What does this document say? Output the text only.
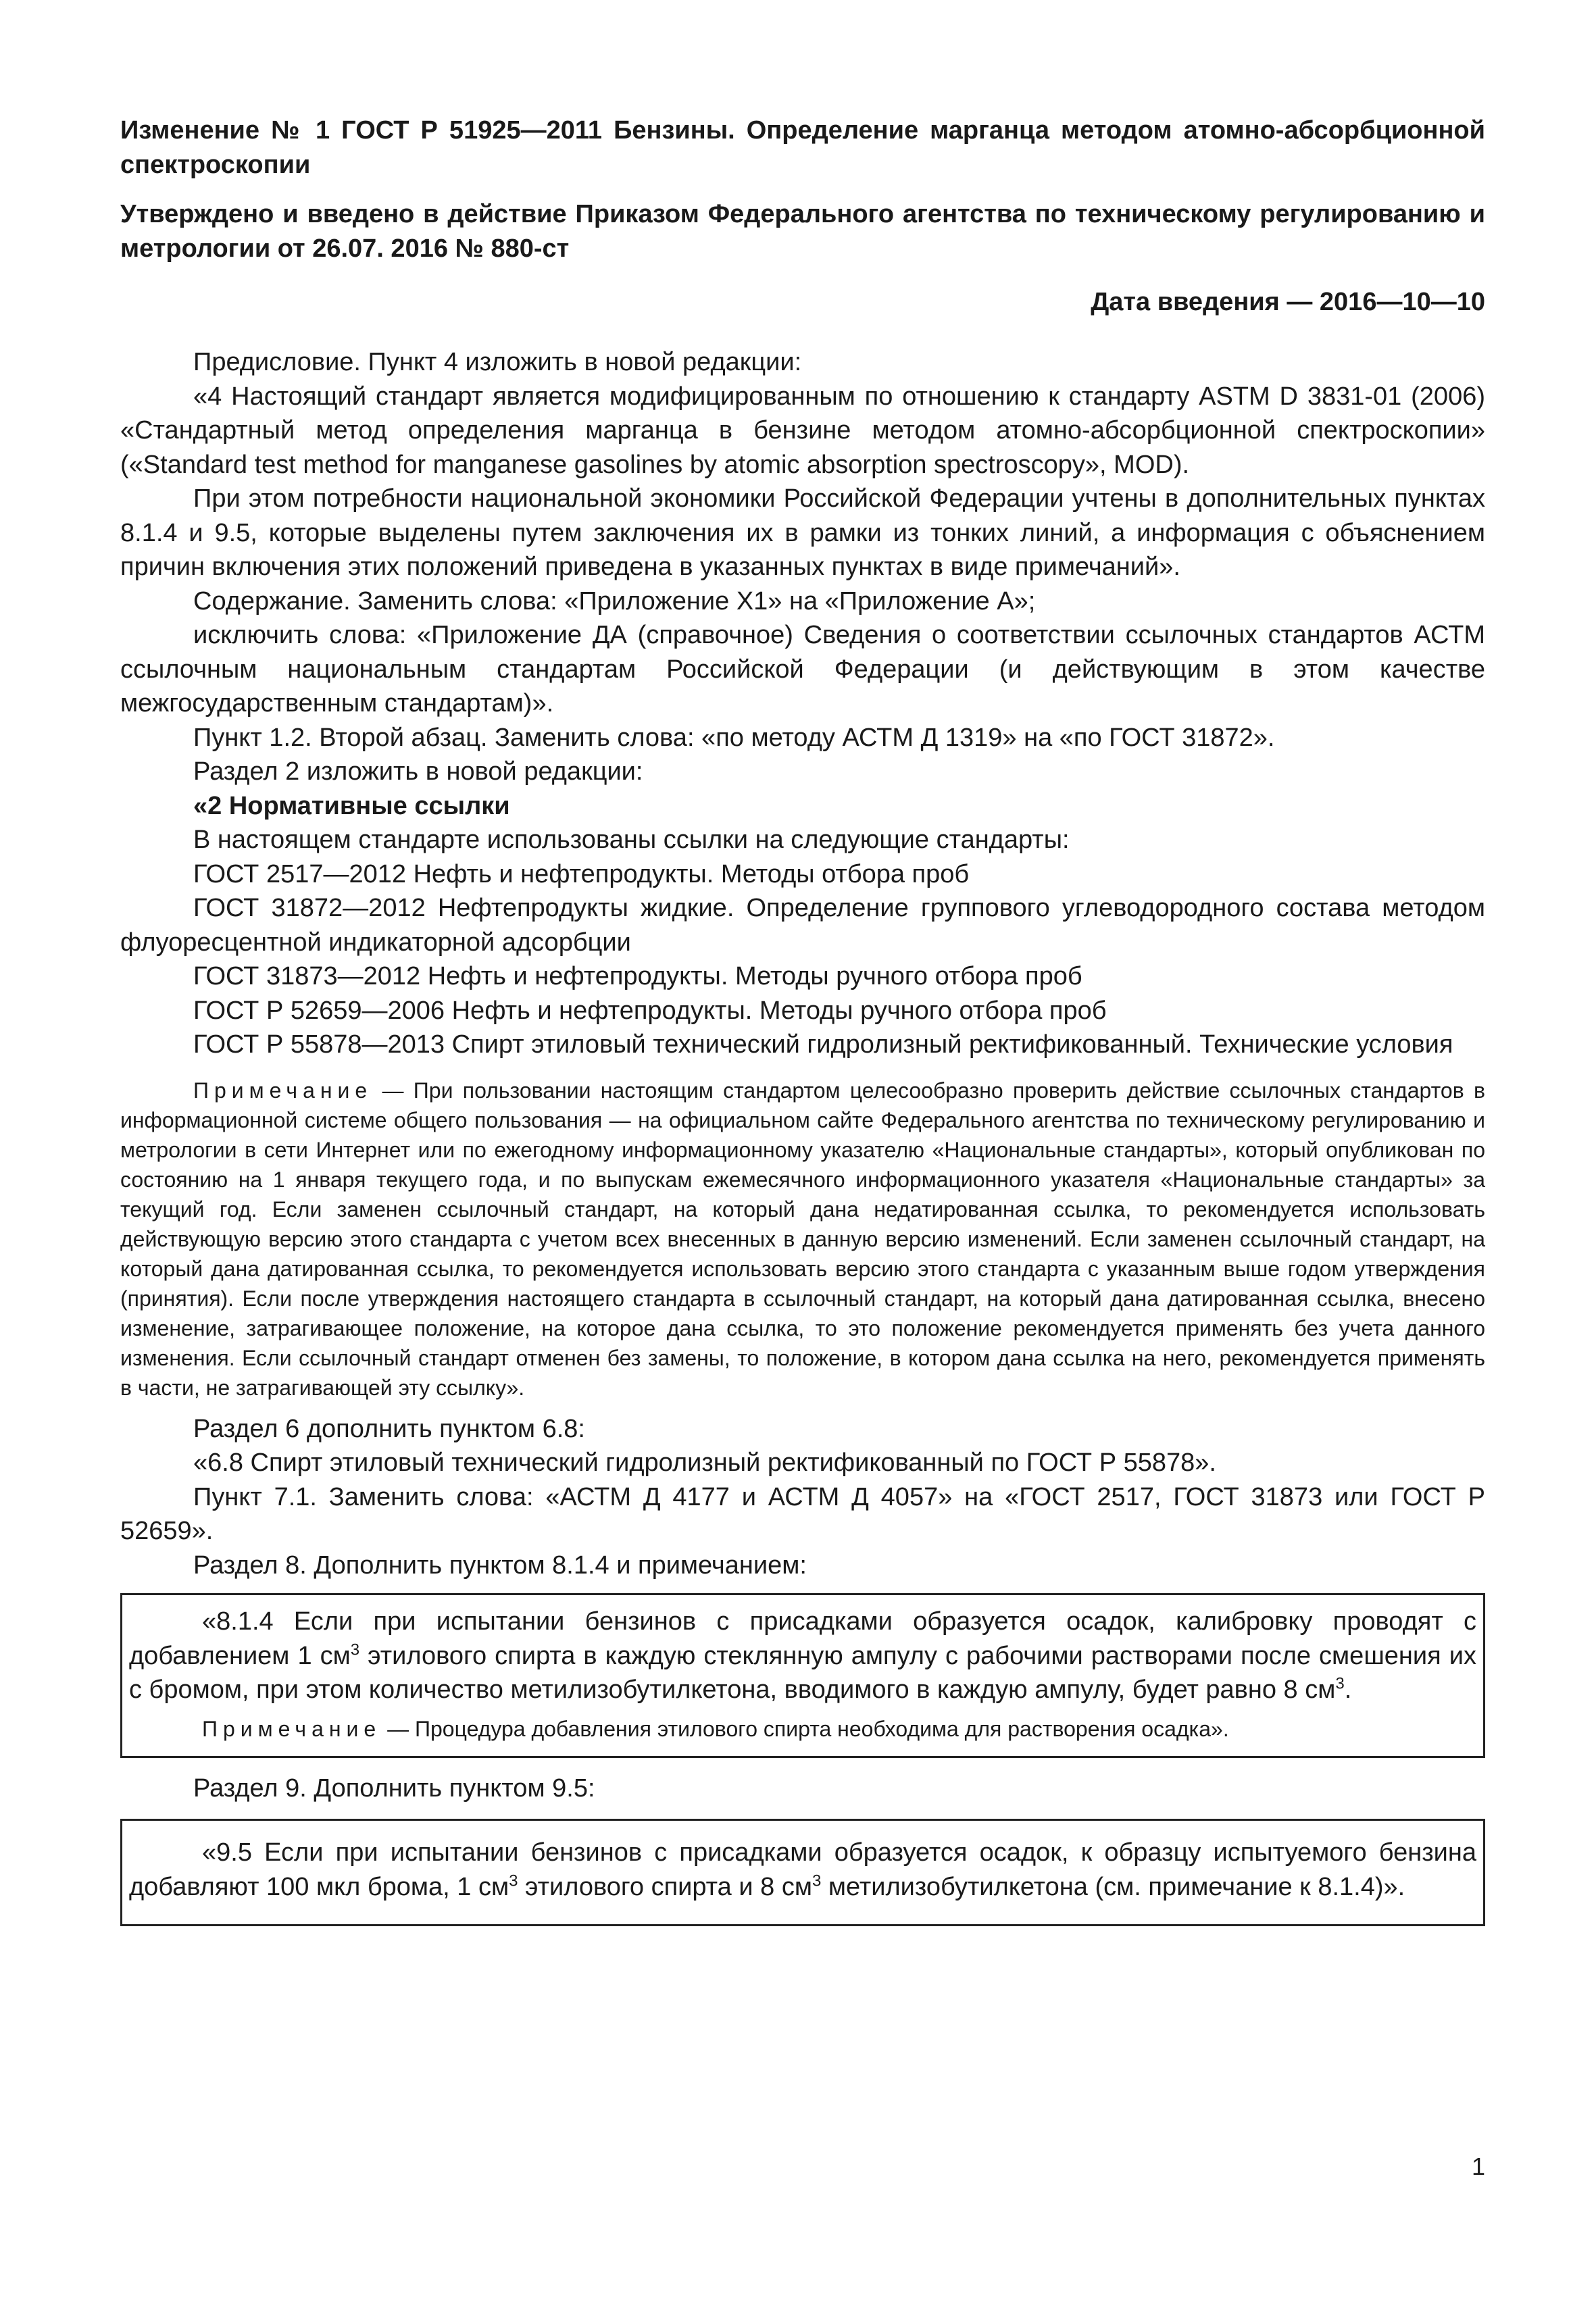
Изменение № 1 ГОСТ Р 51925—2011 Бензины. Определение марганца методом атомно-абсорбционной спектроскопии

Утверждено и введено в действие Приказом Федерального агентства по техническому регулированию и метрологии от 26.07. 2016 № 880-ст

Дата введения — 2016—10—10

Предисловие. Пункт 4 изложить в новой редакции:

«4 Настоящий стандарт является модифицированным по отношению к стандарту ASTM D 3831-01 (2006) «Стандартный метод определения марганца в бензине методом атомно-абсорбционной спектроскопии» («Standard test method for manganese gasolines by atomic absorption spectroscopy», MOD).

При этом потребности национальной экономики Российской Федерации учтены в дополнительных пунктах 8.1.4 и 9.5, которые выделены путем заключения их в рамки из тонких линий, а информация с объяснением причин включения этих положений приведена в указанных пунктах в виде примечаний».

Содержание. Заменить слова: «Приложение X1» на «Приложение А»;

исключить слова: «Приложение ДА (справочное) Сведения о соответствии ссылочных стандартов АСТМ ссылочным национальным стандартам Российской Федерации (и действующим в этом качестве межгосударственным стандартам)».

Пункт 1.2. Второй абзац. Заменить слова: «по методу АСТМ Д 1319» на «по ГОСТ 31872».

Раздел 2 изложить в новой редакции:

«2 Нормативные ссылки

В настоящем стандарте использованы ссылки на следующие стандарты:

ГОСТ 2517—2012 Нефть и нефтепродукты. Методы отбора проб

ГОСТ 31872—2012 Нефтепродукты жидкие. Определение группового углеводородного состава методом флуоресцентной индикаторной адсорбции

ГОСТ 31873—2012 Нефть и нефтепродукты. Методы ручного отбора проб

ГОСТ Р 52659—2006 Нефть и нефтепродукты. Методы ручного отбора проб

ГОСТ Р 55878—2013 Спирт этиловый технический гидролизный ректификованный. Технические условия

Примечание — При пользовании настоящим стандартом целесообразно проверить действие ссылочных стандартов в информационной системе общего пользования — на официальном сайте Федерального агентства по техническому регулированию и метрологии в сети Интернет или по ежегодному информационному указателю «Национальные стандарты», который опубликован по состоянию на 1 января текущего года, и по выпускам ежемесячного информационного указателя «Национальные стандарты» за текущий год. Если заменен ссылочный стандарт, на который дана недатированная ссылка, то рекомендуется использовать действующую версию этого стандарта с учетом всех внесенных в данную версию изменений. Если заменен ссылочный стандарт, на который дана датированная ссылка, то рекомендуется использовать версию этого стандарта с указанным выше годом утверждения (принятия). Если после утверждения настоящего стандарта в ссылочный стандарт, на который дана датированная ссылка, внесено изменение, затрагивающее положение, на которое дана ссылка, то это положение рекомендуется применять без учета данного изменения. Если ссылочный стандарт отменен без замены, то положение, в котором дана ссылка на него, рекомендуется применять в части, не затрагивающей эту ссылку».

Раздел 6 дополнить пунктом 6.8:

«6.8 Спирт этиловый технический гидролизный ректификованный по ГОСТ Р 55878».

Пункт 7.1. Заменить слова: «АСТМ Д 4177 и АСТМ Д 4057» на «ГОСТ 2517, ГОСТ 31873 или ГОСТ Р 52659».

Раздел 8. Дополнить пунктом 8.1.4 и примечанием:

«8.1.4 Если при испытании бензинов с присадками образуется осадок, калибровку проводят с добавлением 1 $см^3$ этилового спирта в каждую стеклянную ампулу с рабочими растворами после смешения их с бромом, при этом количество метилизобутилкетона, вводимого в каждую ампулу, будет равно 8 $см^3$.

Примечание — Процедура добавления этилового спирта необходима для растворения осадка».

Раздел 9. Дополнить пунктом 9.5:

«9.5 Если при испытании бензинов с присадками образуется осадок, к образцу испытуемого бензина добавляют 100 мкл брома, 1 $см^3$ этилового спирта и 8 $см^3$ метилизобутилкетона (см. примечание к 8.1.4)».

1
